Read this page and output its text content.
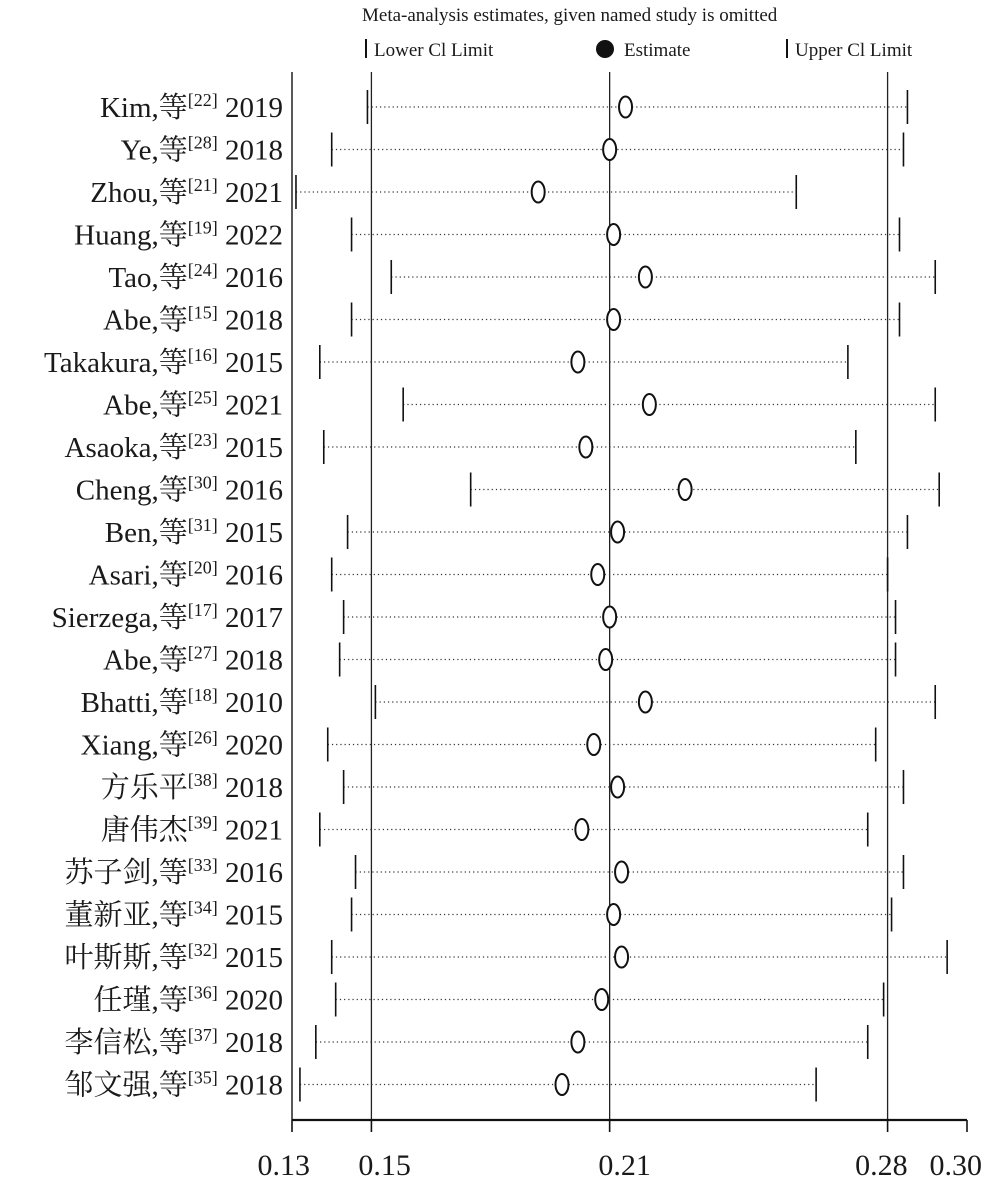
Meta-analysis estimates, given named study is omitted
Lower Cl Limit	Estimate	Upper Cl Limit
Kim,等[22] 2019
Ye,等[28] 2018
Zhou,等[21] 2021
Huang,等[19] 2022
Tao,等[24] 2016
Abe,等[15] 2018
Takakura,等[16] 2015
Abe,等[25] 2021
Asaoka,等[23] 2015
Cheng,等[30] 2016
Ben,等[31] 2015
Asari,等[20] 2016
Sierzega,等[17] 2017
Abe,等[27] 2018
Bhatti,等[18] 2010
Xiang,等[26] 2020
方乐平[38] 2018
唐伟杰[39] 2021
苏子剑,等[33] 2016
董新亚,等[34] 2015
叶斯斯,等[32] 2015
任瑾,等[36] 2020
李信松,等[37] 2018
邹文强,等[35] 2018
0.13 0.15	0.21	0.28 0.30
